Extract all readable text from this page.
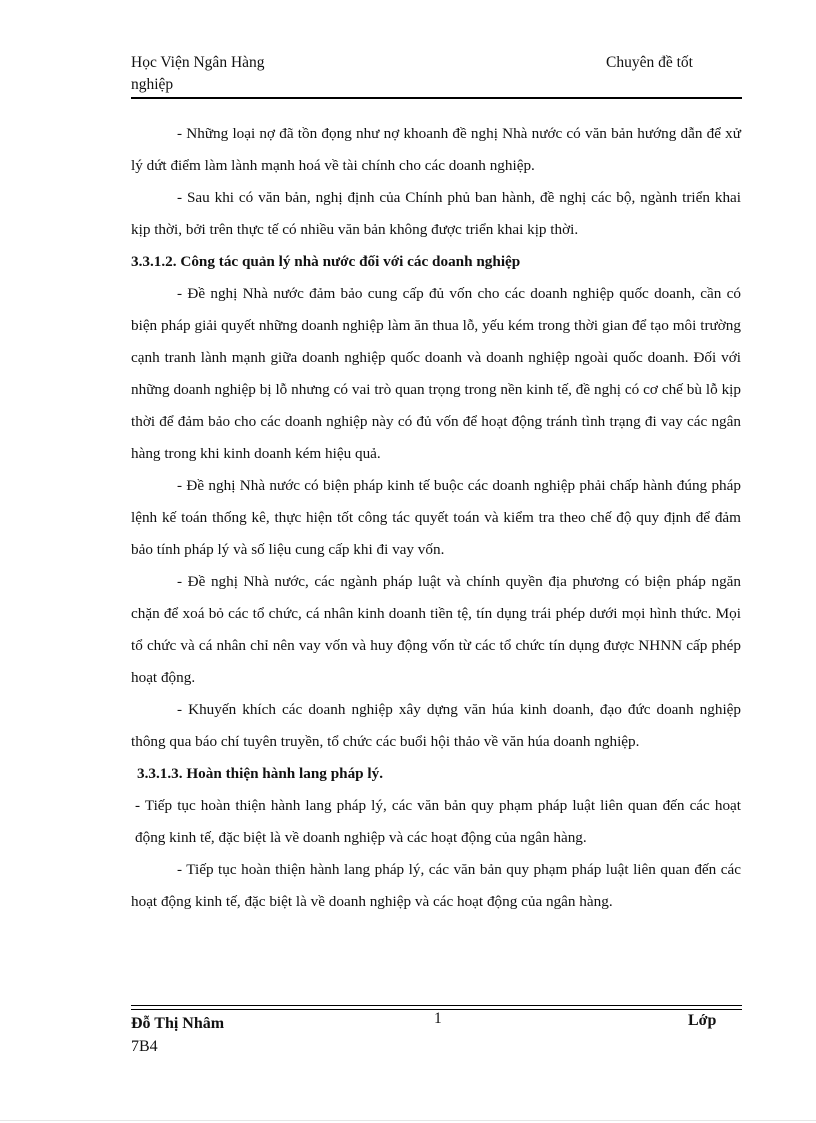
Học Viện Ngân Hàng
nghiệp
Chuyên đề tốt

- Những loại nợ đã tồn đọng như nợ khoanh đề nghị Nhà nước có văn bản hướng dẫn để xử lý dứt điểm làm lành mạnh hoá về tài chính cho các doanh nghiệp.

- Sau khi có văn bản, nghị định của Chính phủ ban hành, đề nghị các bộ, ngành triển khai kịp thời, bởi trên thực tế có nhiều văn bản không được triển khai kịp thời.

3.3.1.2. Công tác quản lý nhà nước đối với các doanh nghiệp

- Đề nghị Nhà nước đảm bảo cung cấp đủ vốn cho các doanh nghiệp quốc doanh, cần có biện pháp giải quyết những doanh nghiệp làm ăn thua lỗ, yếu kém trong thời gian để tạo môi trường cạnh tranh lành mạnh giữa doanh nghiệp quốc doanh và doanh nghiệp ngoài quốc doanh. Đối với những doanh nghiệp bị lỗ nhưng có vai trò quan trọng trong nền kinh tế, đề nghị có cơ chế bù lỗ kịp thời để đảm bảo cho các doanh nghiệp này có đủ vốn để hoạt động tránh tình trạng đi vay các ngân hàng trong khi kinh doanh kém hiệu quả.

- Đề nghị Nhà nước có biện pháp kinh tế buộc các doanh nghiệp phải chấp hành đúng pháp lệnh kế toán thống kê, thực hiện tốt công tác quyết toán và kiểm tra theo chế độ quy định để đảm bảo tính pháp lý và số liệu cung cấp khi đi vay vốn.

- Đề nghị Nhà nước, các ngành pháp luật và chính quyền địa phương có biện pháp ngăn chặn để xoá bỏ các tổ chức, cá nhân kinh doanh tiền tệ, tín dụng trái phép dưới mọi hình thức. Mọi tổ chức và cá nhân chỉ nên vay vốn và huy động vốn từ các tổ chức tín dụng được NHNN cấp phép hoạt động.

- Khuyến khích các doanh nghiệp xây dựng văn húa kinh doanh, đạo đức doanh nghiệp thông qua báo chí tuyên truyền, tổ chức các buổi hội thảo về văn húa doanh nghiệp.

3.3.1.3. Hoàn thiện hành lang pháp lý.

- Tiếp tục hoàn thiện hành lang pháp lý, các văn bản quy phạm pháp luật liên quan đến các hoạt động kinh tế, đặc biệt là về doanh nghiệp và các hoạt động của ngân hàng.

- Tiếp tục hoàn thiện hành lang pháp lý, các văn bản quy phạm pháp luật liên quan đến các hoạt động kinh tế, đặc biệt là về doanh nghiệp và các hoạt động của ngân hàng.

Đỗ Thị Nhâm
7B4
1	Lớp
